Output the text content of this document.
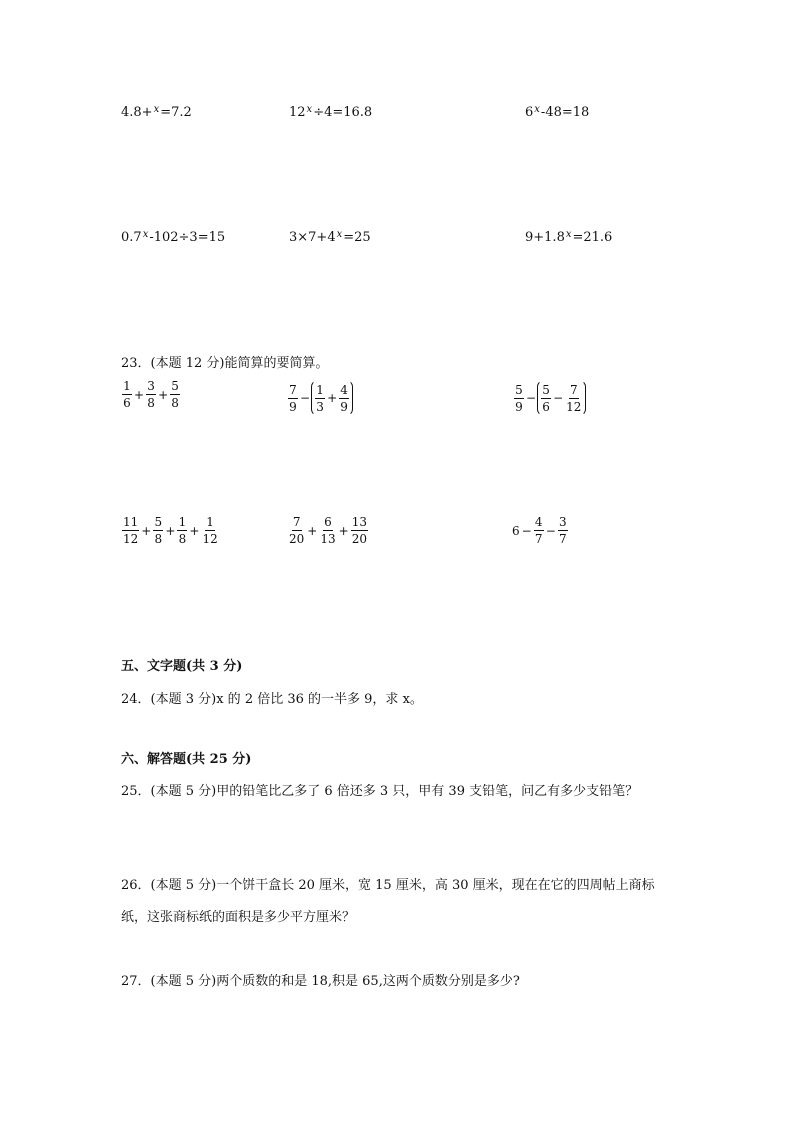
4.8+$^x$=7.2	$12^x\div 4=16.8$	$6^x-48=18$
$0.7^x-102\div 3=15$	$3\times 7+4^x=25$	$9+1.8^x=21.6$
23．(本题 12 分)能简算的要简算。
$\frac{1}{6} + \frac{3}{8} + \frac{5}{8}$	$\frac{7}{9} - \frac{1}{3} + \frac{4}{9}$	$\frac{5}{9} - \frac{5}{6} - \frac{7}{12}$
$\frac{11}{12} + \frac{5}{8} + \frac{1}{8} + \frac{1}{12}$	$\frac{7}{20} + \frac{6}{13} + \frac{13}{20}$	$6 - \frac{4}{7} - \frac{3}{7}$
五、文字题(共 3 分)
24．(本题 3 分)x 的 2 倍比 36 的一半多 9，求 x。
六、解答题(共 25 分)
25．(本题 5 分)甲的铅笔比乙多了 6 倍还多 3 只，甲有 39 支铅笔，问乙有多少支铅笔？
26．(本题 5 分)一个饼干盒长 20 厘米，宽 15 厘米，高 30 厘米，现在在它的四周帖上商标
纸，这张商标纸的面积是多少平方厘米？
27．(本题 5 分)两个质数的和是 18,积是 65,这两个质数分别是多少?
